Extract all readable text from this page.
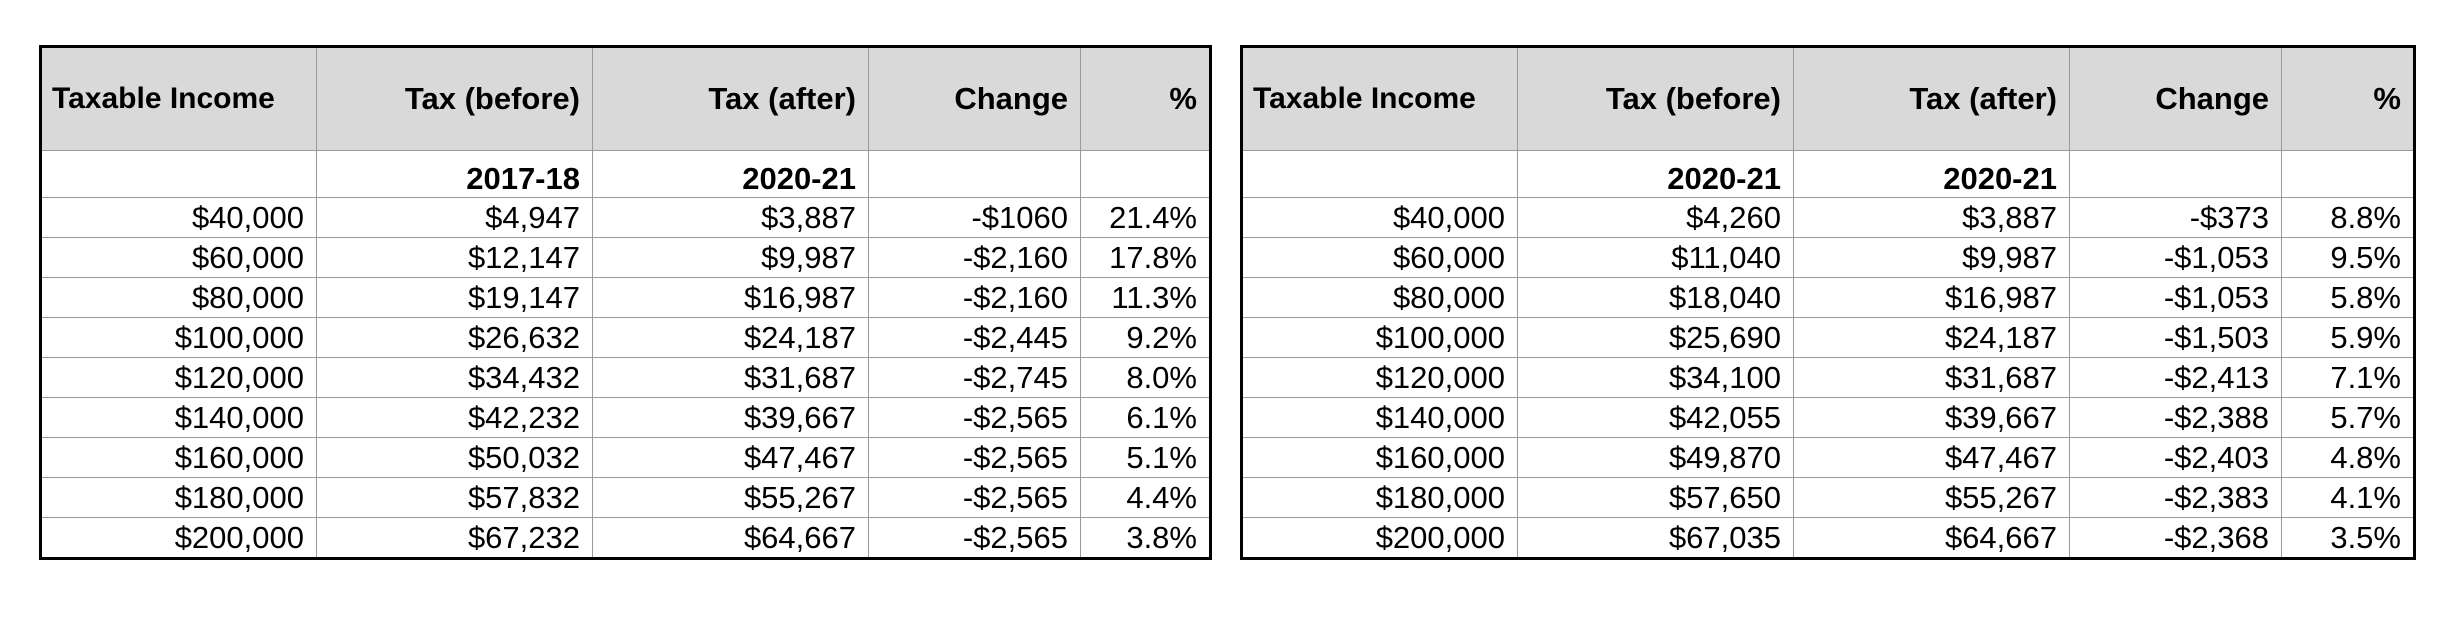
Taxable Income	Tax (before)	Tax (after)	Change	%
	2017-18	2020-21		
$40,000	$4,947	$3,887	-$1060	21.4%
$60,000	$12,147	$9,987	-$2,160	17.8%
$80,000	$19,147	$16,987	-$2,160	11.3%
$100,000	$26,632	$24,187	-$2,445	9.2%
$120,000	$34,432	$31,687	-$2,745	8.0%
$140,000	$42,232	$39,667	-$2,565	6.1%
$160,000	$50,032	$47,467	-$2,565	5.1%
$180,000	$57,832	$55,267	-$2,565	4.4%
$200,000	$67,232	$64,667	-$2,565	3.8%
Taxable Income	Tax (before)	Tax (after)	Change	%
	2020-21	2020-21		
$40,000	$4,260	$3,887	-$373	8.8%
$60,000	$11,040	$9,987	-$1,053	9.5%
$80,000	$18,040	$16,987	-$1,053	5.8%
$100,000	$25,690	$24,187	-$1,503	5.9%
$120,000	$34,100	$31,687	-$2,413	7.1%
$140,000	$42,055	$39,667	-$2,388	5.7%
$160,000	$49,870	$47,467	-$2,403	4.8%
$180,000	$57,650	$55,267	-$2,383	4.1%
$200,000	$67,035	$64,667	-$2,368	3.5%
